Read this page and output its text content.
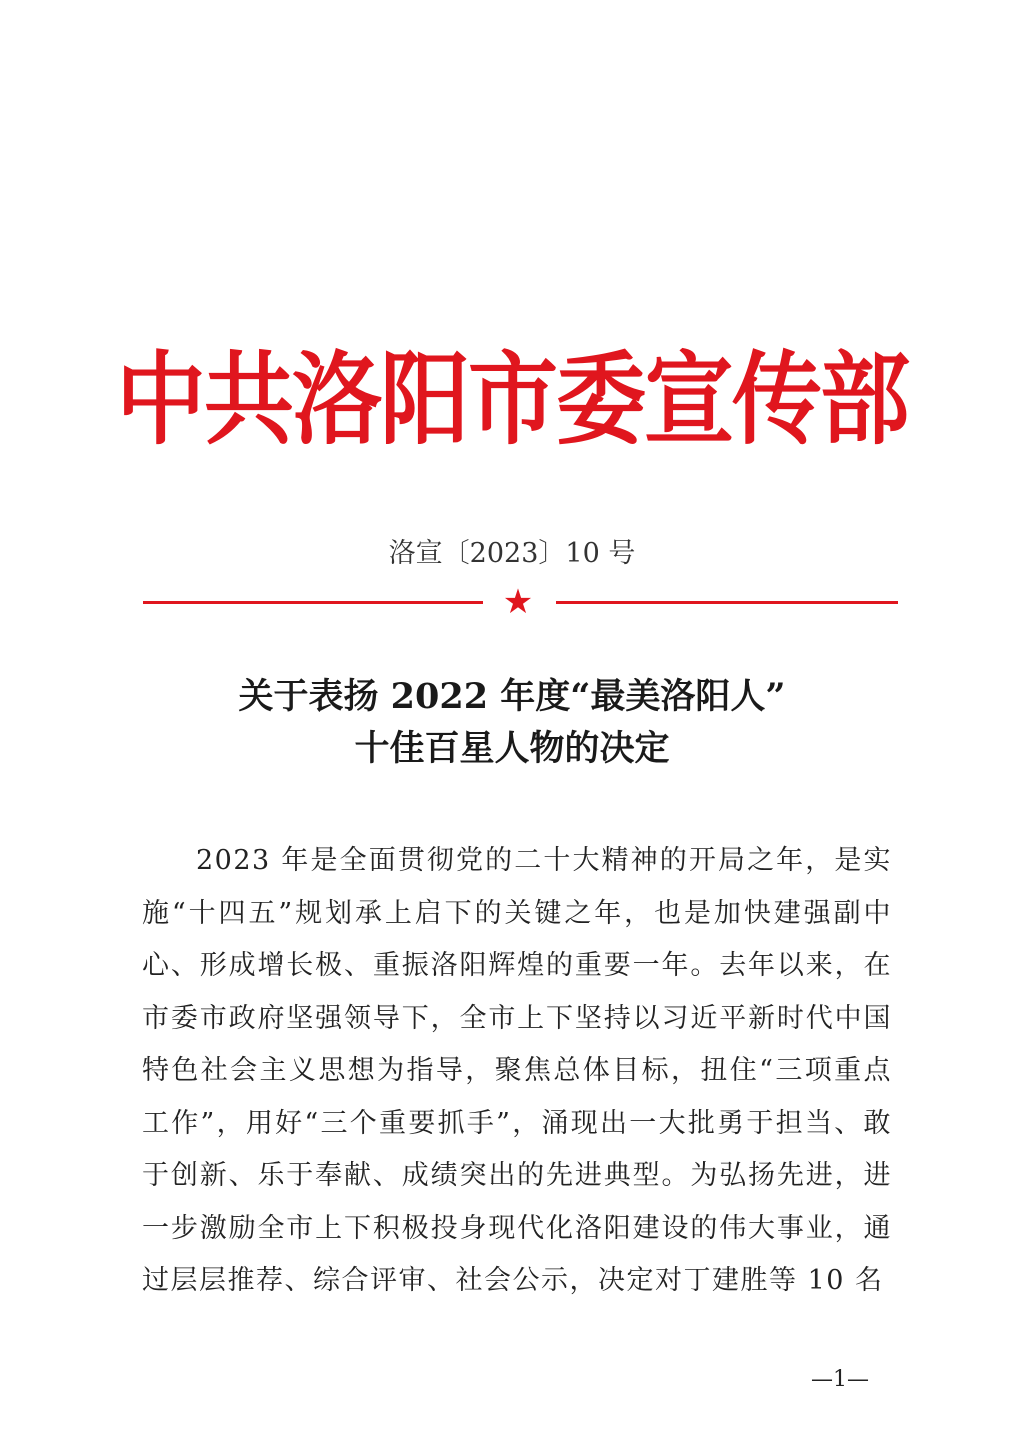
中共洛阳市委宣传部
洛宣〔2023〕10 号
★
关于表扬 2022 年度“最美洛阳人”
十佳百星人物的决定
2023 年是全面贯彻党的二十大精神的开局之年，是实施“十四五”规划承上启下的关键之年，也是加快建强副中心、形成增长极、重振洛阳辉煌的重要一年。去年以来，在市委市政府坚强领导下，全市上下坚持以习近平新时代中国特色社会主义思想为指导，聚焦总体目标，扭住“三项重点工作”，用好“三个重要抓手”，涌现出一大批勇于担当、敢于创新、乐于奉献、成绩突出的先进典型。为弘扬先进，进一步激励全市上下积极投身现代化洛阳建设的伟大事业，通过层层推荐、综合评审、社会公示，决定对丁建胜等 10 名
—1—
